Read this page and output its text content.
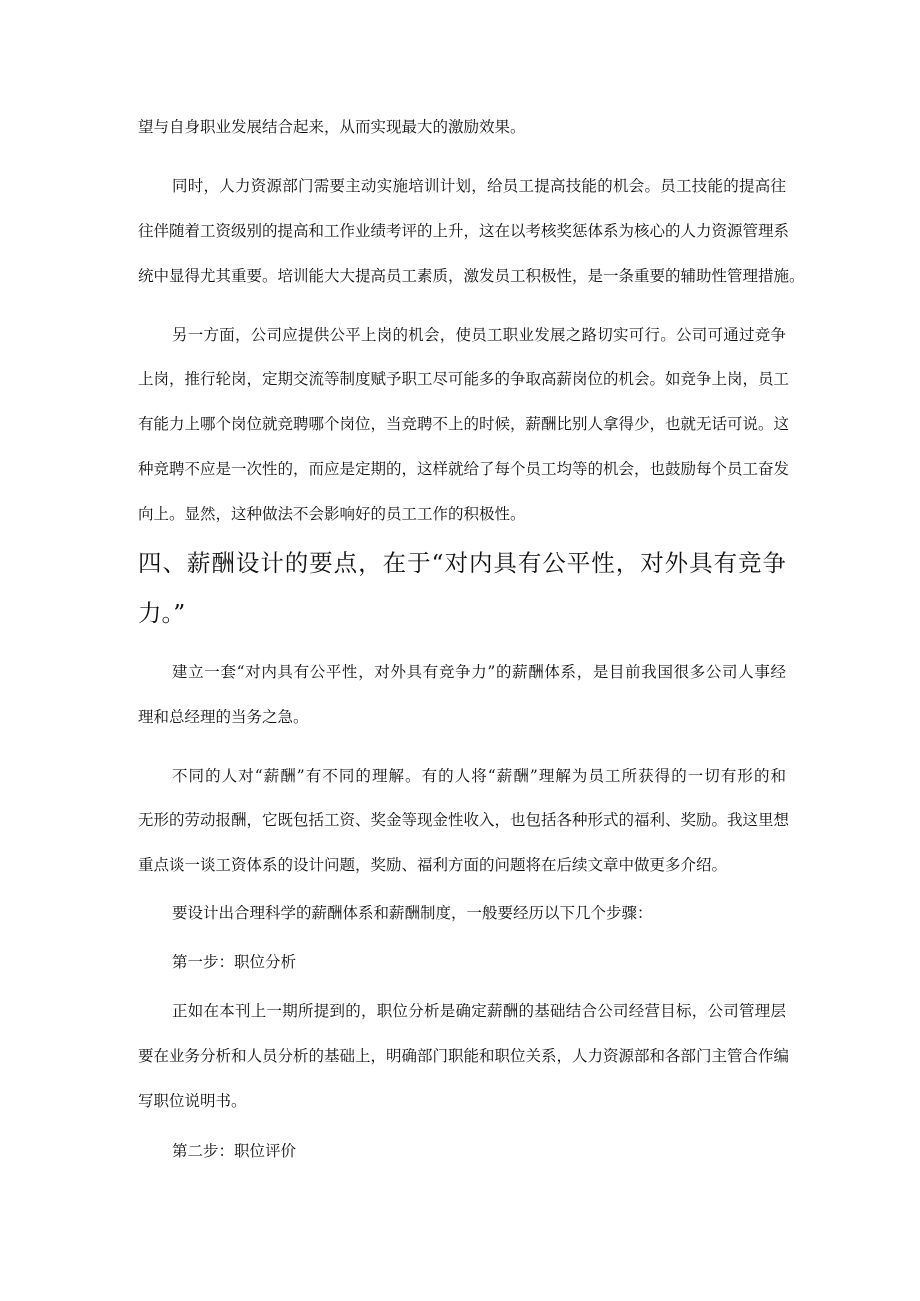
望与自身职业发展结合起来，从而实现最大的激励效果。
同时，人力资源部门需要主动实施培训计划，给员工提高技能的机会。员工技能的提高往
往伴随着工资级别的提高和工作业绩考评的上升，这在以考核奖惩体系为核心的人力资源管理系
统中显得尤其重要。培训能大大提高员工素质，激发员工积极性，是一条重要的辅助性管理措施。
另一方面，公司应提供公平上岗的机会，使员工职业发展之路切实可行。公司可通过竞争
上岗，推行轮岗，定期交流等制度赋予职工尽可能多的争取高薪岗位的机会。如竞争上岗，员工
有能力上哪个岗位就竞聘哪个岗位，当竞聘不上的时候，薪酬比别人拿得少，也就无话可说。这
种竞聘不应是一次性的，而应是定期的，这样就给了每个员工均等的机会，也鼓励每个员工奋发
向上。显然，这种做法不会影响好的员工工作的积极性。
四、薪酬设计的要点，在于“对内具有公平性，对外具有竞争
力。”
建立一套“对内具有公平性，对外具有竞争力”的薪酬体系，是目前我国很多公司人事经
理和总经理的当务之急。
不同的人对“薪酬”有不同的理解。有的人将“薪酬”理解为员工所获得的一切有形的和
无形的劳动报酬，它既包括工资、奖金等现金性收入，也包括各种形式的福利、奖励。我这里想
重点谈一谈工资体系的设计问题，奖励、福利方面的问题将在后续文章中做更多介绍。
要设计出合理科学的薪酬体系和薪酬制度，一般要经历以下几个步骤：
第一步：职位分析
正如在本刊上一期所提到的，职位分析是确定薪酬的基础结合公司经营目标，公司管理层
要在业务分析和人员分析的基础上，明确部门职能和职位关系，人力资源部和各部门主管合作编
写职位说明书。
第二步：职位评价
